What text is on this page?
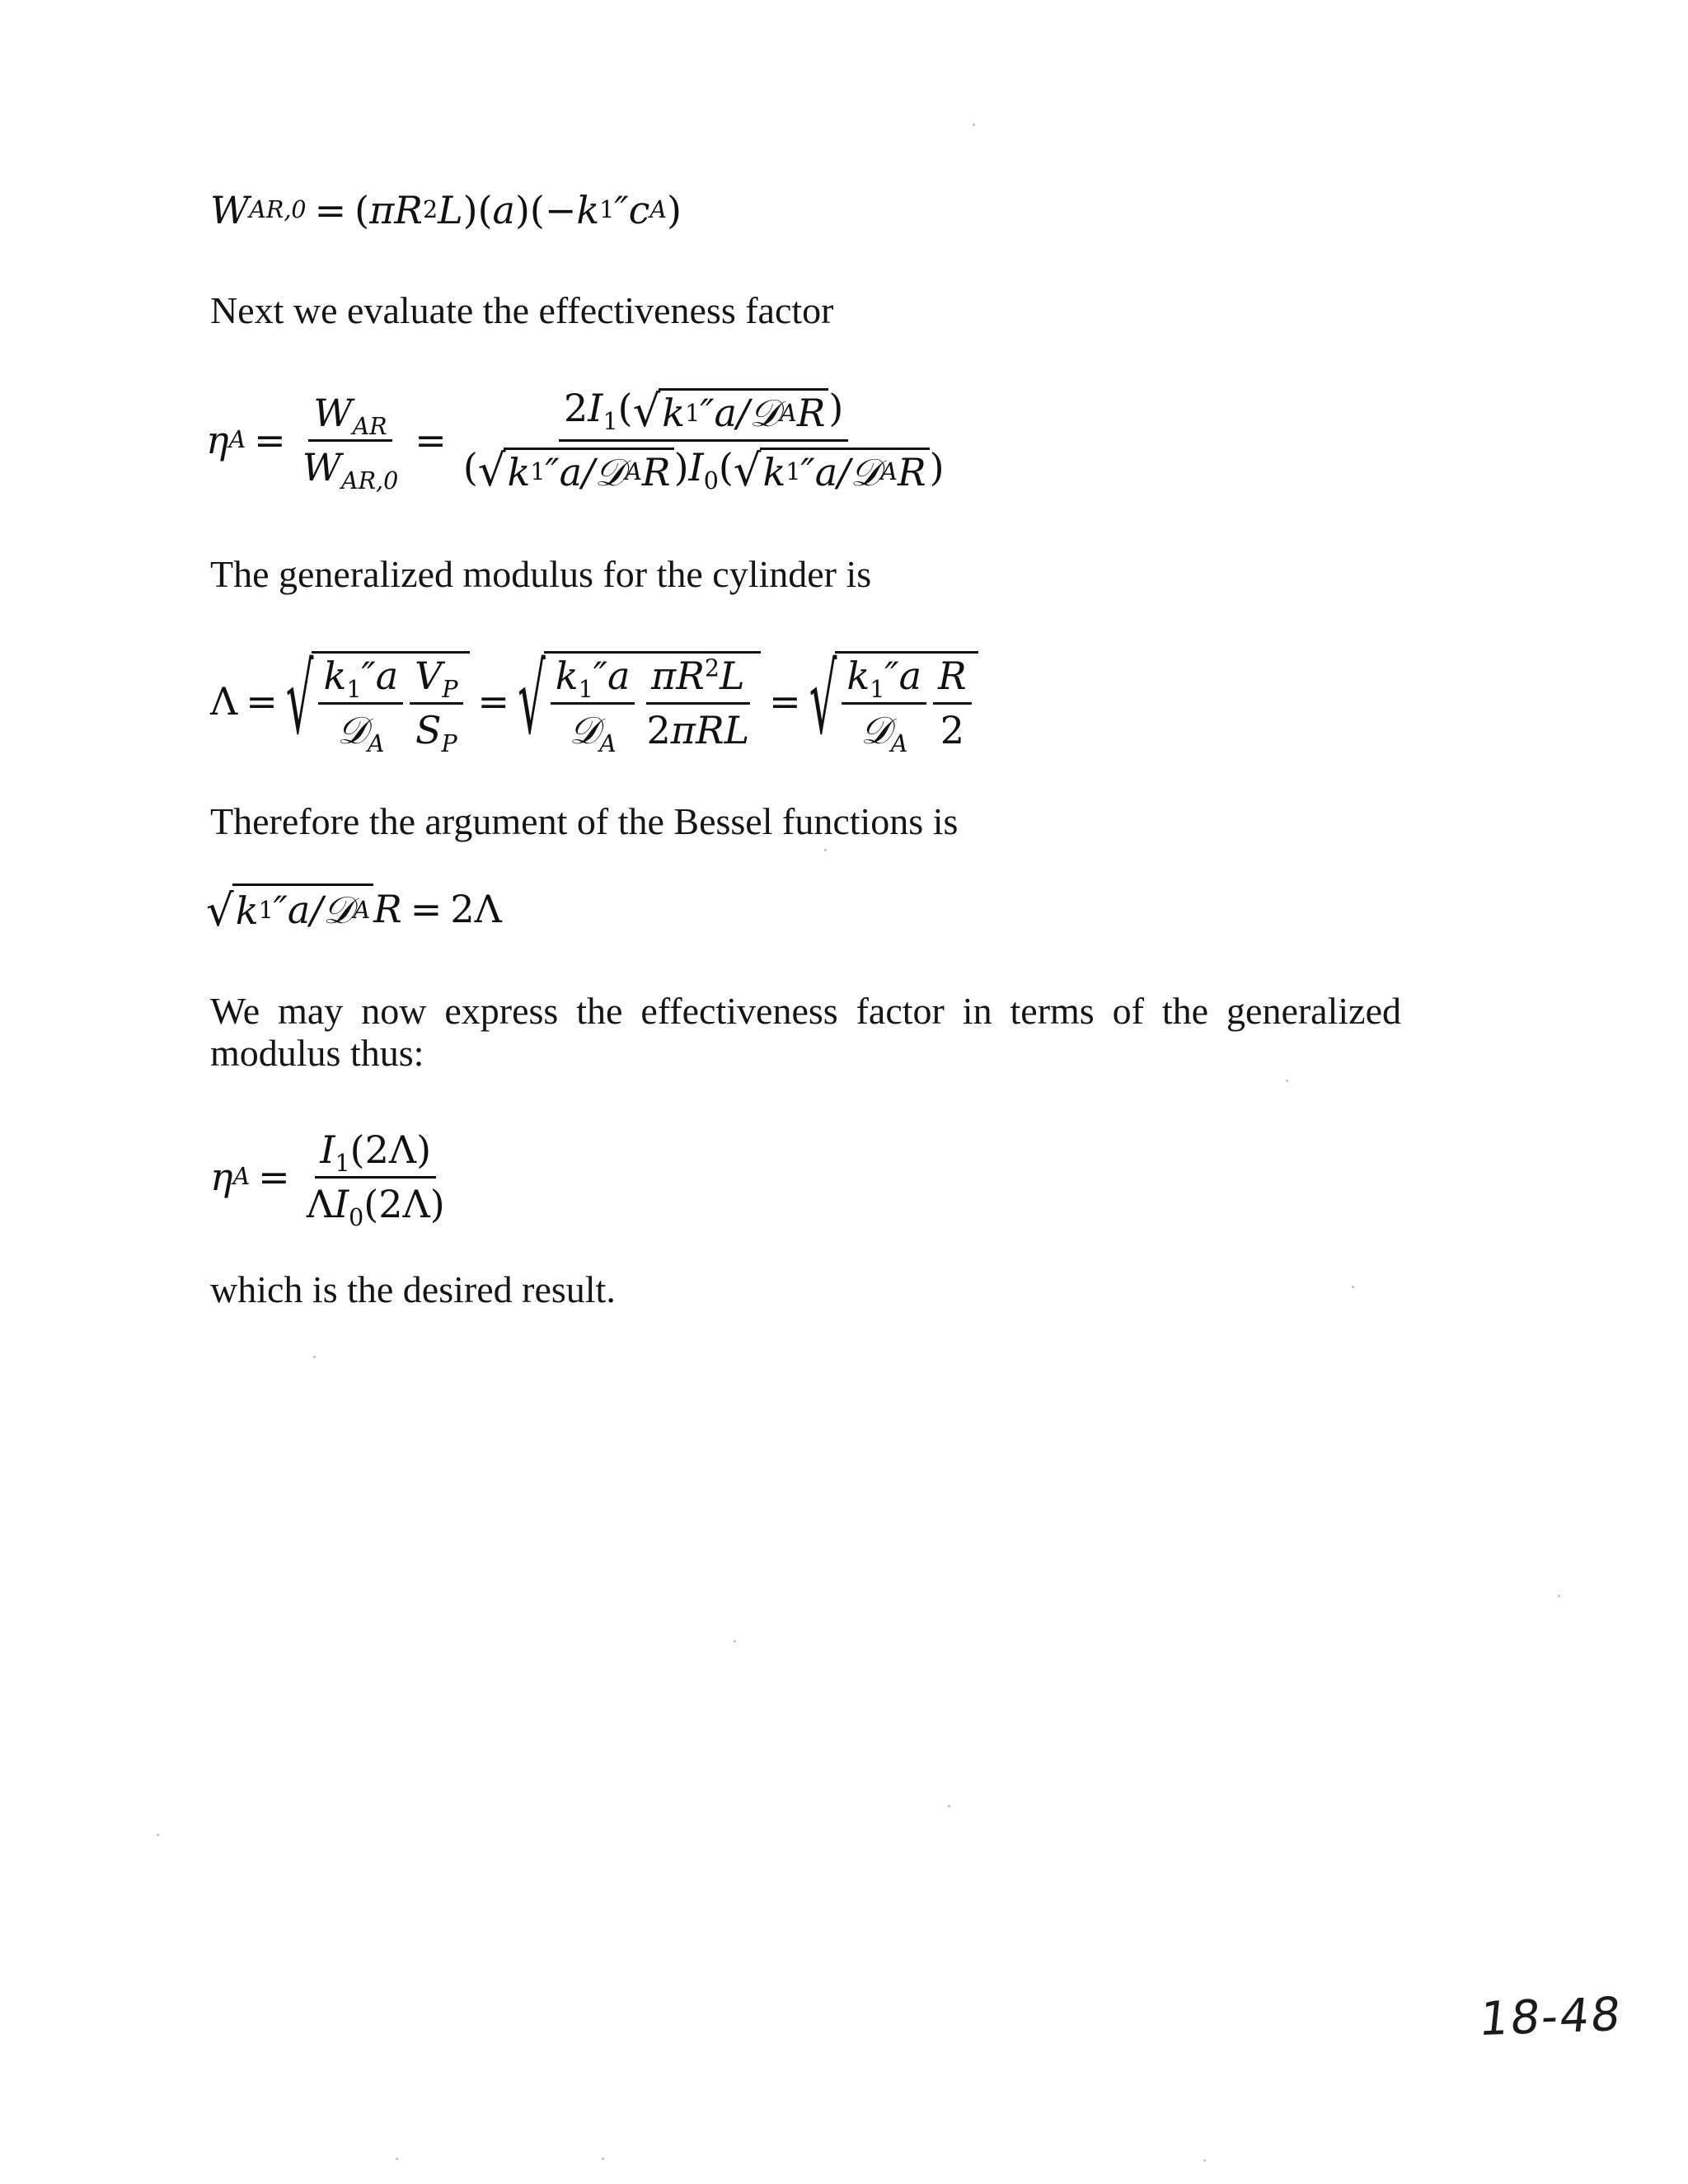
W AR,0 = ( πR 2 L )( a )(− k 1 ″c A )

Next we evaluate the effectiveness factor

η $A = \frac{W_{AR}}{W_{AR,0}} = \frac{2I_1( √ k 1 ''a/𝒟 A R )}{( √ k 1 ''a/𝒟 A R )I_0( √ k 1 ''a/𝒟 A R )}$

The generalized modulus for the cylinder is

Λ = √ $\frac{k_1''a}{𝒟_A} \frac{V_P}{S_P}$ = √ $\frac{k_1''a}{𝒟_A} \frac{\pi R^2L}{\text{2πRL}}$ = √ $\frac{k_1''a}{𝒟_A} \frac{R}{2}$

Therefore the argument of the Bessel functions is

√ k 1 ″a/𝒟 A R = 2Λ

We may now express the effectiveness factor in terms of the generalized modulus thus:

η $A = \frac{I_1(2\Lambda)}{\Lambda I_0(2\Lambda)}$

which is the desired result.

18-48
